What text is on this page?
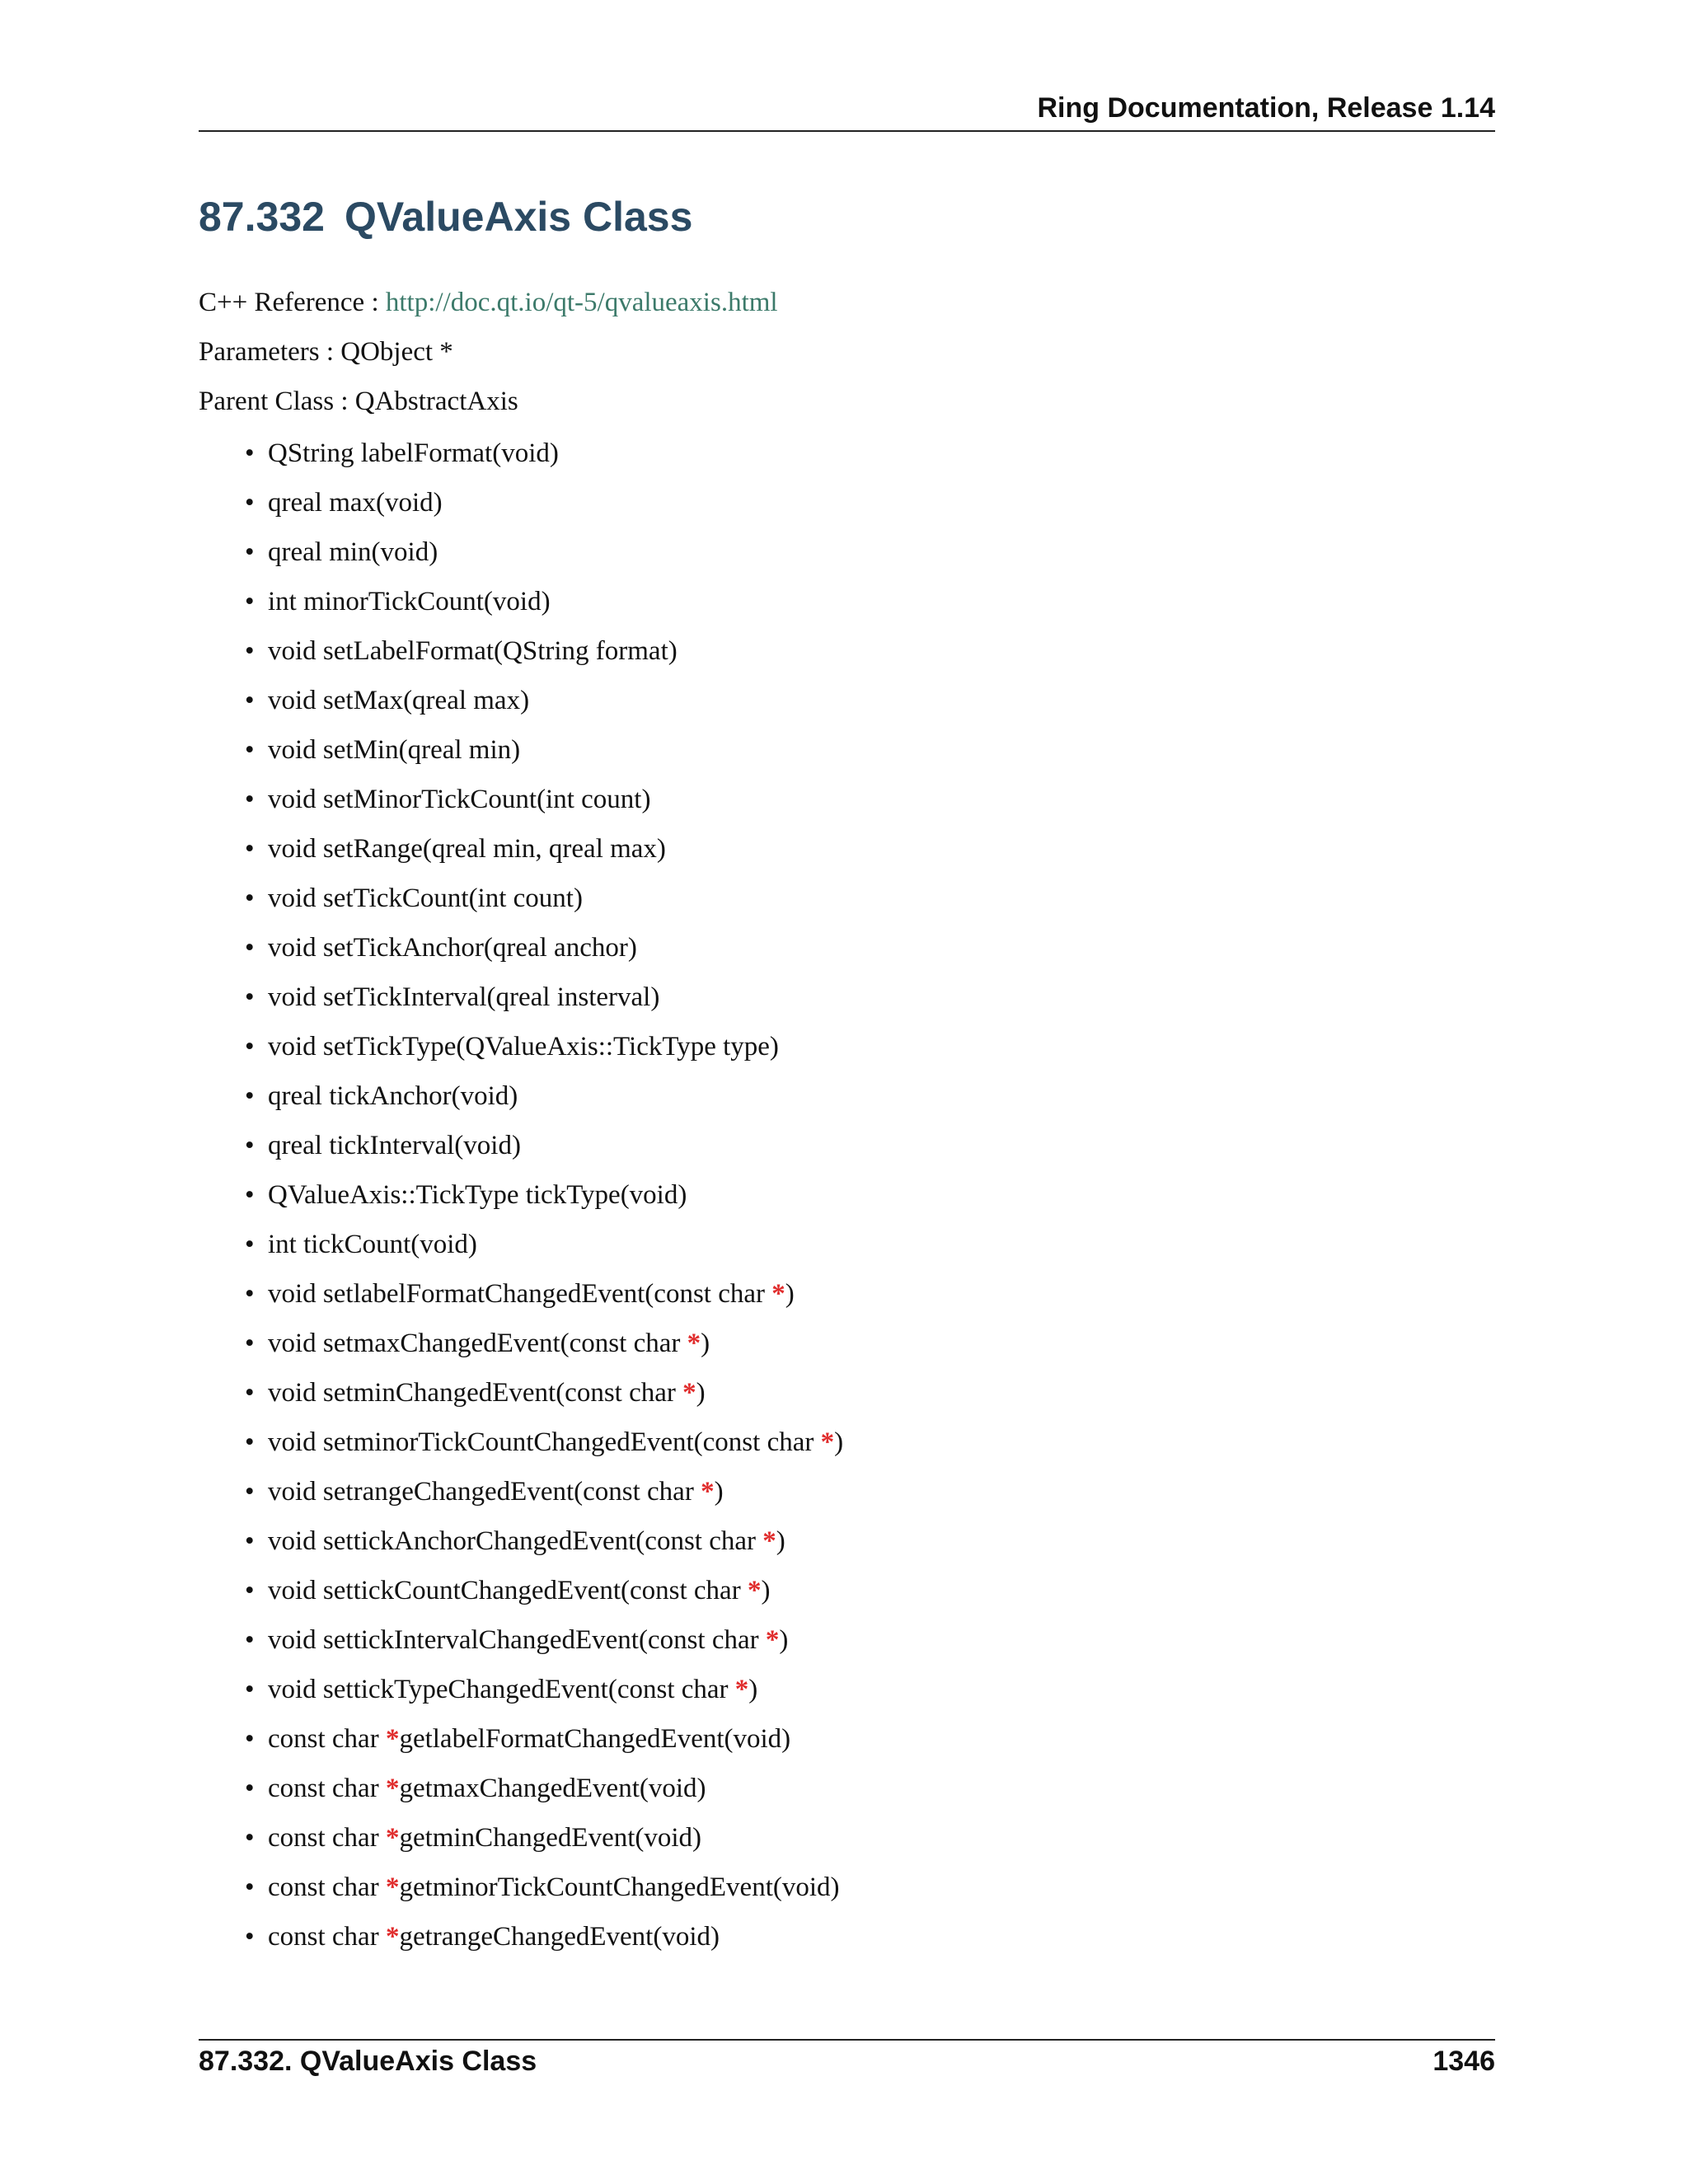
Ring Documentation, Release 1.14
87.332 QValueAxis Class
C++ Reference : http://doc.qt.io/qt-5/qvalueaxis.html
Parameters : QObject *
Parent Class : QAbstractAxis
• QString labelFormat(void)
• qreal max(void)
• qreal min(void)
• int minorTickCount(void)
• void setLabelFormat(QString format)
• void setMax(qreal max)
• void setMin(qreal min)
• void setMinorTickCount(int count)
• void setRange(qreal min, qreal max)
• void setTickCount(int count)
• void setTickAnchor(qreal anchor)
• void setTickInterval(qreal insterval)
• void setTickType(QValueAxis::TickType type)
• qreal tickAnchor(void)
• qreal tickInterval(void)
• QValueAxis::TickType tickType(void)
• int tickCount(void)
• void setlabelFormatChangedEvent(const char *)
• void setmaxChangedEvent(const char *)
• void setminChangedEvent(const char *)
• void setminorTickCountChangedEvent(const char *)
• void setrangeChangedEvent(const char *)
• void settickAnchorChangedEvent(const char *)
• void settickCountChangedEvent(const char *)
• void settickIntervalChangedEvent(const char *)
• void settickTypeChangedEvent(const char *)
• const char *getlabelFormatChangedEvent(void)
• const char *getmaxChangedEvent(void)
• const char *getminChangedEvent(void)
• const char *getminorTickCountChangedEvent(void)
• const char *getrangeChangedEvent(void)
87.332. QValueAxis Class	1346
